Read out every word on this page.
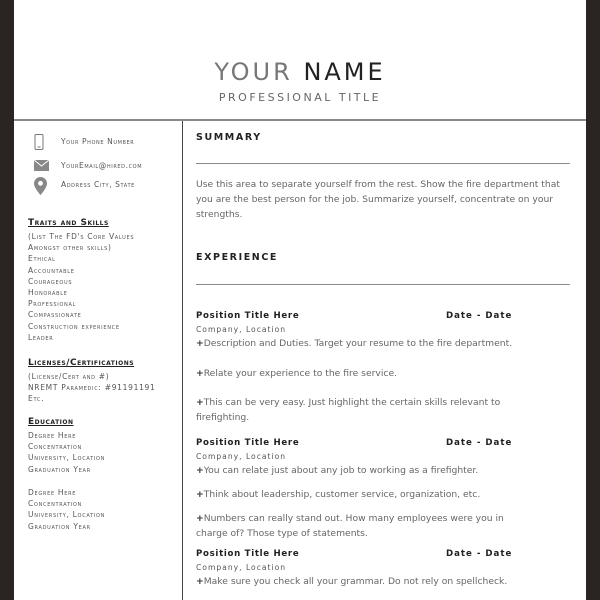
YOUR NAME
PROFESSIONAL TITLE
Your Phone Number
YourEmail@hired.com
Address City, State
Traits and Skills
(List The FD's Core Values
Amongst other skills)
Ethical
Accountable
Courageous
Honorable
Professional
Compassionate
Construction experience
Leader
Licenses/Certifications
(License/Cert and #)
NREMT Paramedic: #91191191
Etc.
Education
Degree Here
Concentration
University, Location
Graduation Year
Degree Here
Concentration
University, Location
Graduation Year
SUMMARY
Use this area to separate yourself from the rest. Show the fire department that you are the best person for the job. Summarize yourself, concentrate on your strengths.
EXPERIENCE
Position Title Here	Date - Date
Company, Location
+Description and Duties. Target your resume to the fire department.
+Relate your experience to the fire service.
+This can be very easy. Just highlight the certain skills relevant to firefighting.
Position Title Here	Date - Date
Company, Location
+You can relate just about any job to working as a firefighter.
+Think about leadership, customer service, organization, etc.
+Numbers can really stand out. How many employees were you in charge of? Those type of statements.
Position Title Here	Date - Date
Company, Location
+Make sure you check all your grammar. Do not rely on spellcheck.
